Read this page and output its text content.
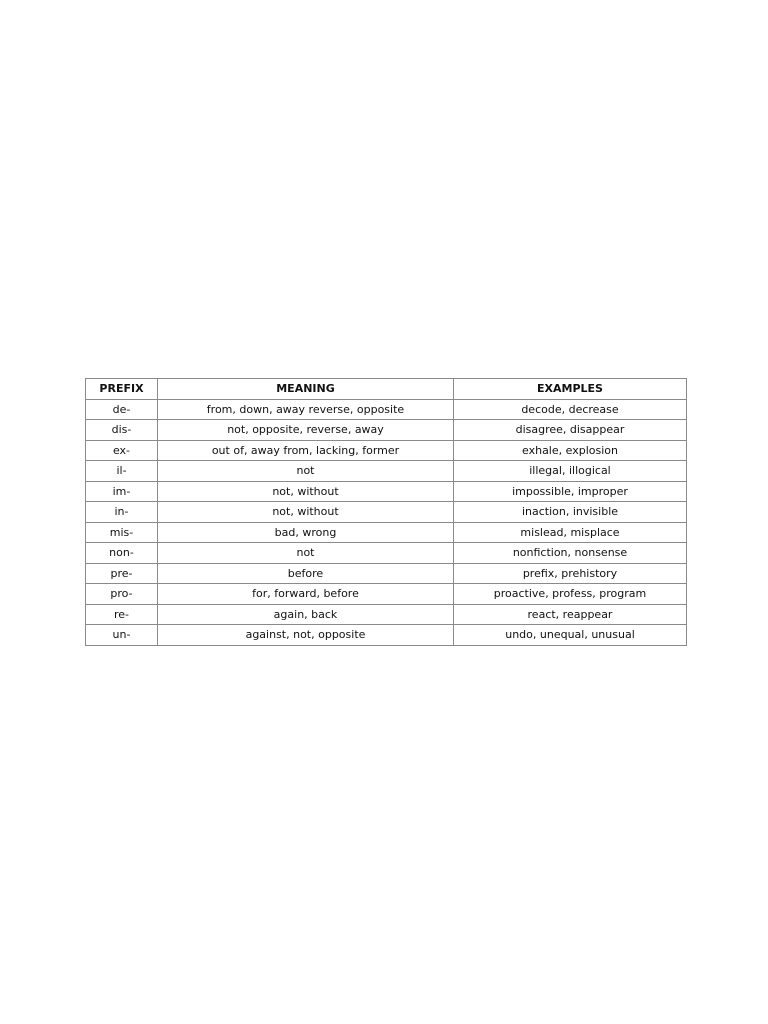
PREFIX	MEANING	EXAMPLES
de-	from, down, away reverse, opposite	decode, decrease
dis-	not, opposite, reverse, away	disagree, disappear
ex-	out of, away from, lacking, former	exhale, explosion
il-	not	illegal, illogical
im-	not, without	impossible, improper
in-	not, without	inaction, invisible
mis-	bad, wrong	mislead, misplace
non-	not	nonfiction, nonsense
pre-	before	prefix, prehistory
pro-	for, forward, before	proactive, profess, program
re-	again, back	react, reappear
un-	against, not, opposite	undo, unequal, unusual
